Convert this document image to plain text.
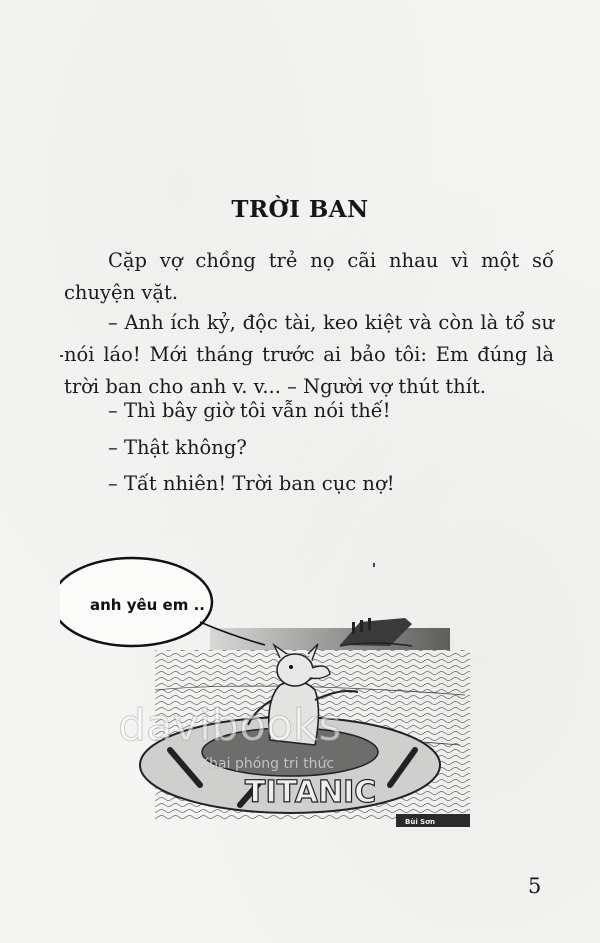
TRỜI BAN

Cặp vợ chồng trẻ nọ cãi nhau vì một số chuyện vặt.

– Anh ích kỷ, độc tài, keo kiệt và còn là tổ sư nói láo! Mới tháng trước ai bảo tôi: Em đúng là trời ban cho anh v. v... – Người vợ thút thít.

– Thì bây giờ tôi vẫn nói thế!

– Thật không?

– Tất nhiên! Trời ban cục nợ!

TITANIC
anh yêu em ..
davibooks
Khai phóng tri thức
Bùi Sơn
5
